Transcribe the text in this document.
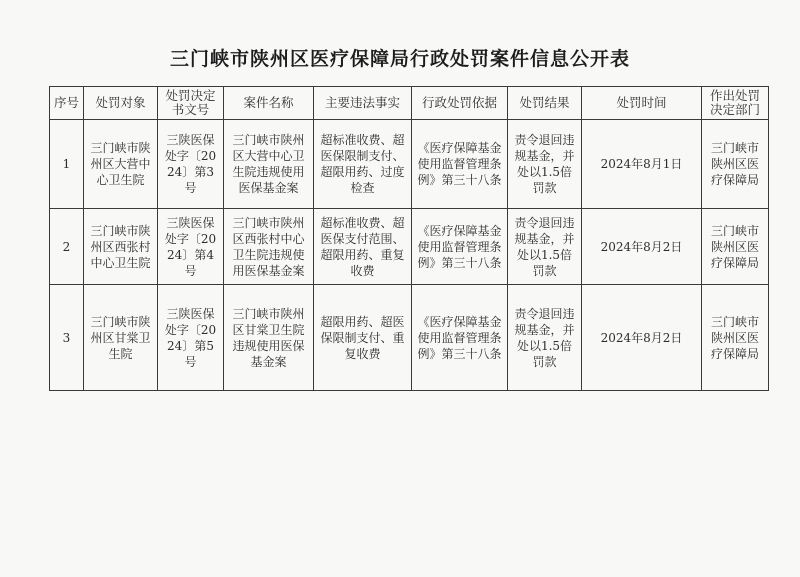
三门峡市陕州区医疗保障局行政处罚案件信息公开表
序号	处罚对象	处罚决定书文号	案件名称	主要违法事实	行政处罚依据	处罚结果	处罚时间	作出处罚决定部门
1	三门峡市陕州区大营中心卫生院	三陕医保处字〔2024〕第3号	三门峡市陕州区大营中心卫生院违规使用医保基金案	超标准收费、超医保限制支付、超限用药、过度检查	《医疗保障基金使用监督管理条例》第三十八条	责令退回违规基金，并处以1.5倍罚款	2024年8月1日	三门峡市陕州区医疗保障局
2	三门峡市陕州区西张村中心卫生院	三陕医保处字〔2024〕第4号	三门峡市陕州区西张村中心卫生院违规使用医保基金案	超标准收费、超医保支付范围、超限用药、重复收费	《医疗保障基金使用监督管理条例》第三十八条	责令退回违规基金，并处以1.5倍罚款	2024年8月2日	三门峡市陕州区医疗保障局
3	三门峡市陕州区甘棠卫生院	三陕医保处字〔2024〕第5号	三门峡市陕州区甘棠卫生院违规使用医保基金案	超限用药、超医保限制支付、重复收费	《医疗保障基金使用监督管理条例》第三十八条	责令退回违规基金，并处以1.5倍罚款	2024年8月2日	三门峡市陕州区医疗保障局
